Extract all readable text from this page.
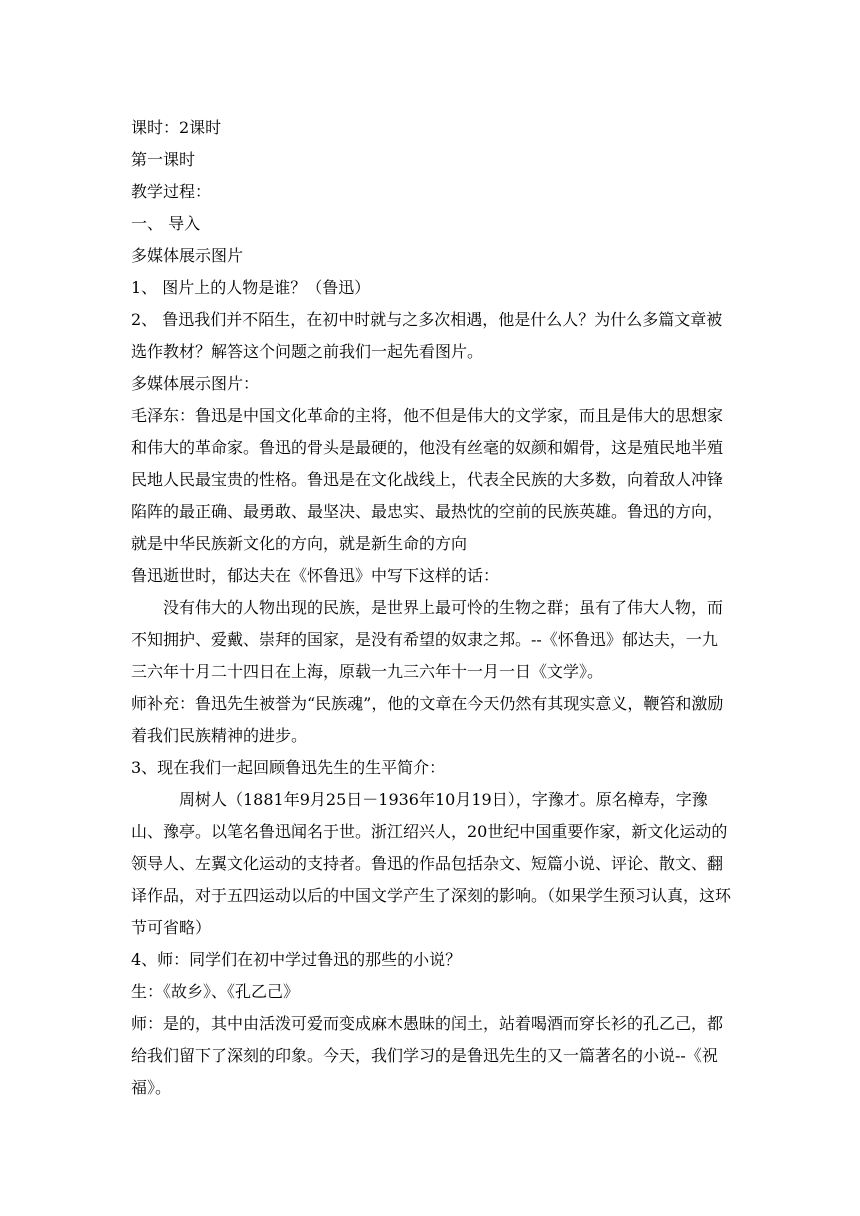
课时：2课时

第一课时

教学过程：

一、 导入

多媒体展示图片

1、 图片上的人物是谁？（鲁迅）

2、 鲁迅我们并不陌生，在初中时就与之多次相遇，他是什么人？为什么多篇文章被选作教材？解答这个问题之前我们一起先看图片。

多媒体展示图片：

毛泽东：鲁迅是中国文化革命的主将，他不但是伟大的文学家，而且是伟大的思想家和伟大的革命家。鲁迅的骨头是最硬的，他没有丝毫的奴颜和媚骨，这是殖民地半殖民地人民最宝贵的性格。鲁迅是在文化战线上，代表全民族的大多数，向着敌人冲锋陷阵的最正确、最勇敢、最坚决、最忠实、最热忱的空前的民族英雄。鲁迅的方向，就是中华民族新文化的方向，就是新生命的方向

鲁迅逝世时，郁达夫在《怀鲁迅》中写下这样的话：

没有伟大的人物出现的民族，是世界上最可怜的生物之群；虽有了伟大人物，而不知拥护、爱戴、崇拜的国家，是没有希望的奴隶之邦。--《怀鲁迅》郁达夫，一九三六年十月二十四日在上海，原载一九三六年十一月一日《文学》。

师补充：鲁迅先生被誉为“民族魂”，他的文章在今天仍然有其现实意义，鞭笞和激励着我们民族精神的进步。

3、现在我们一起回顾鲁迅先生的生平简介：

周树人（1881年9月25日－1936年10月19日），字豫才。原名樟寿，字豫山、豫亭。以笔名鲁迅闻名于世。浙江绍兴人，20世纪中国重要作家，新文化运动的领导人、左翼文化运动的支持者。鲁迅的作品包括杂文、短篇小说、评论、散文、翻译作品，对于五四运动以后的中国文学产生了深刻的影响。（如果学生预习认真，这环节可省略）

4、师：同学们在初中学过鲁迅的那些的小说？

生：《故乡》、《孔乙己》

师：是的，其中由活泼可爱而变成麻木愚昧的闰土，站着喝酒而穿长衫的孔乙己，都给我们留下了深刻的印象。今天，我们学习的是鲁迅先生的又一篇著名的小说--《祝福》。
